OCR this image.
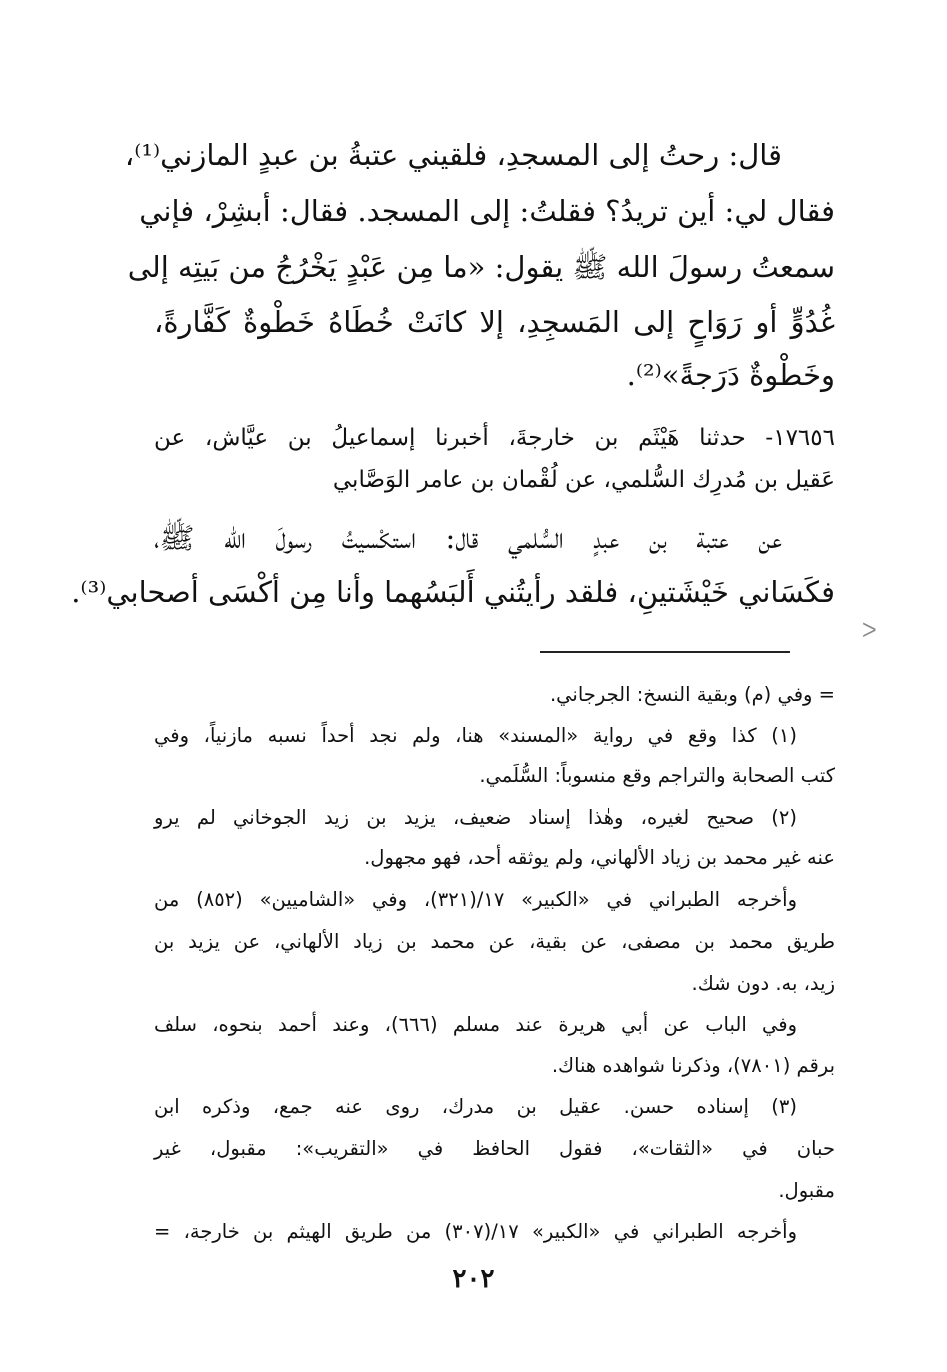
قال: رحتُ إلى المسجدِ، فلقيني عتبةُ بن عبدٍ المازني⁽¹⁾،
فقال لي: أين تريدُ؟ فقلتُ: إلى المسجد. فقال: أبشِرْ، فإني
سمعتُ رسولَ الله ﷺ يقول: «ما مِن عَبْدٍ يَخْرُجُ من بَيتِه إلى
غُدُوٍّ أو رَوَاحٍ إلى المَسجِدِ، إلا كانَتْ خُطَاهُ خَطْوةٌ كَفَّارةً،
وخَطْوةٌ دَرَجةً»⁽²⁾.
١٧٦٥٦- حدثنا هَيْثَم بن خارجةَ، أخبرنا إسماعيلُ بن عيَّاش، عن
عَقيل بن مُدرِك السُّلمي، عن لُقْمان بن عامر الوَصَّابي
عن عتبة بن عبدٍ السُّلمي قال: استكْسيتُ رسولَ الله ﷺ،
فكَسَاني خَيْشَتينِ، فلقد رأيتُني أَلبَسُهما وأنا مِن أكْسَى أصحابي⁽³⁾.
ᐳ
= وفي (م) وبقية النسخ: الجرجاني.
(١) كذا وقع في رواية «المسند» هنا، ولم نجد أحداً نسبه مازنياً، وفي
كتب الصحابة والتراجم وقع منسوباً: السُّلَمي.
(٢) صحيح لغيره، وهٰذا إسناد ضعيف، يزيد بن زيد الجوخاني لم يرو
عنه غير محمد بن زياد الألهاني، ولم يوثقه أحد، فهو مجهول.
وأخرجه الطبراني في «الكبير» ١٧/(٣٢١)، وفي «الشاميين» (٨٥٢) من
طريق محمد بن مصفى، عن بقية، عن محمد بن زياد الألهاني، عن يزيد بن
زيد، به. دون شك.
وفي الباب عن أبي هريرة عند مسلم (٦٦٦)، وعند أحمد بنحوه، سلف
برقم (٧٨٠١)، وذكرنا شواهده هناك.
(٣) إسناده حسن. عقيل بن مدرك، روى عنه جمع، وذكره ابن
حبان في «الثقات»، فقول الحافظ في «التقريب»: مقبول، غير
مقبول.
وأخرجه الطبراني في «الكبير» ١٧/(٣٠٧) من طريق الهيثم بن خارجة، =
٢٠٢
